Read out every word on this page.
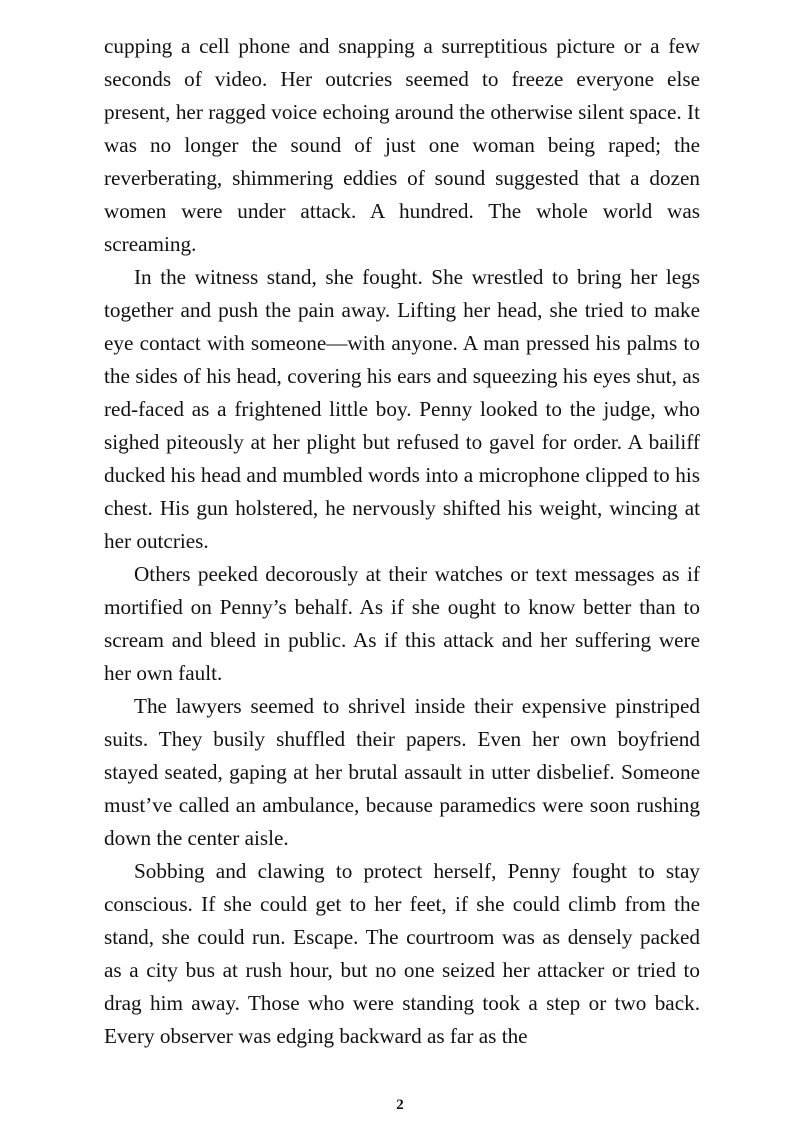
cupping a cell phone and snapping a surreptitious picture or a few seconds of video. Her outcries seemed to freeze everyone else present, her ragged voice echoing around the otherwise silent space. It was no longer the sound of just one woman being raped; the reverberating, shimmering eddies of sound suggested that a dozen women were under attack. A hundred. The whole world was screaming.

In the witness stand, she fought. She wrestled to bring her legs together and push the pain away. Lifting her head, she tried to make eye contact with someone—with anyone. A man pressed his palms to the sides of his head, covering his ears and squeezing his eyes shut, as red-faced as a frightened little boy. Penny looked to the judge, who sighed piteously at her plight but refused to gavel for order. A bailiff ducked his head and mumbled words into a microphone clipped to his chest. His gun holstered, he nervously shifted his weight, wincing at her outcries.

Others peeked decorously at their watches or text messages as if mortified on Penny’s behalf. As if she ought to know better than to scream and bleed in public. As if this attack and her suffering were her own fault.

The lawyers seemed to shrivel inside their expensive pinstriped suits. They busily shuffled their papers. Even her own boyfriend stayed seated, gaping at her brutal assault in utter disbelief. Someone must’ve called an ambulance, because paramedics were soon rushing down the center aisle.

Sobbing and clawing to protect herself, Penny fought to stay conscious. If she could get to her feet, if she could climb from the stand, she could run. Escape. The courtroom was as densely packed as a city bus at rush hour, but no one seized her attacker or tried to drag him away. Those who were standing took a step or two back. Every observer was edging backward as far as the

2
